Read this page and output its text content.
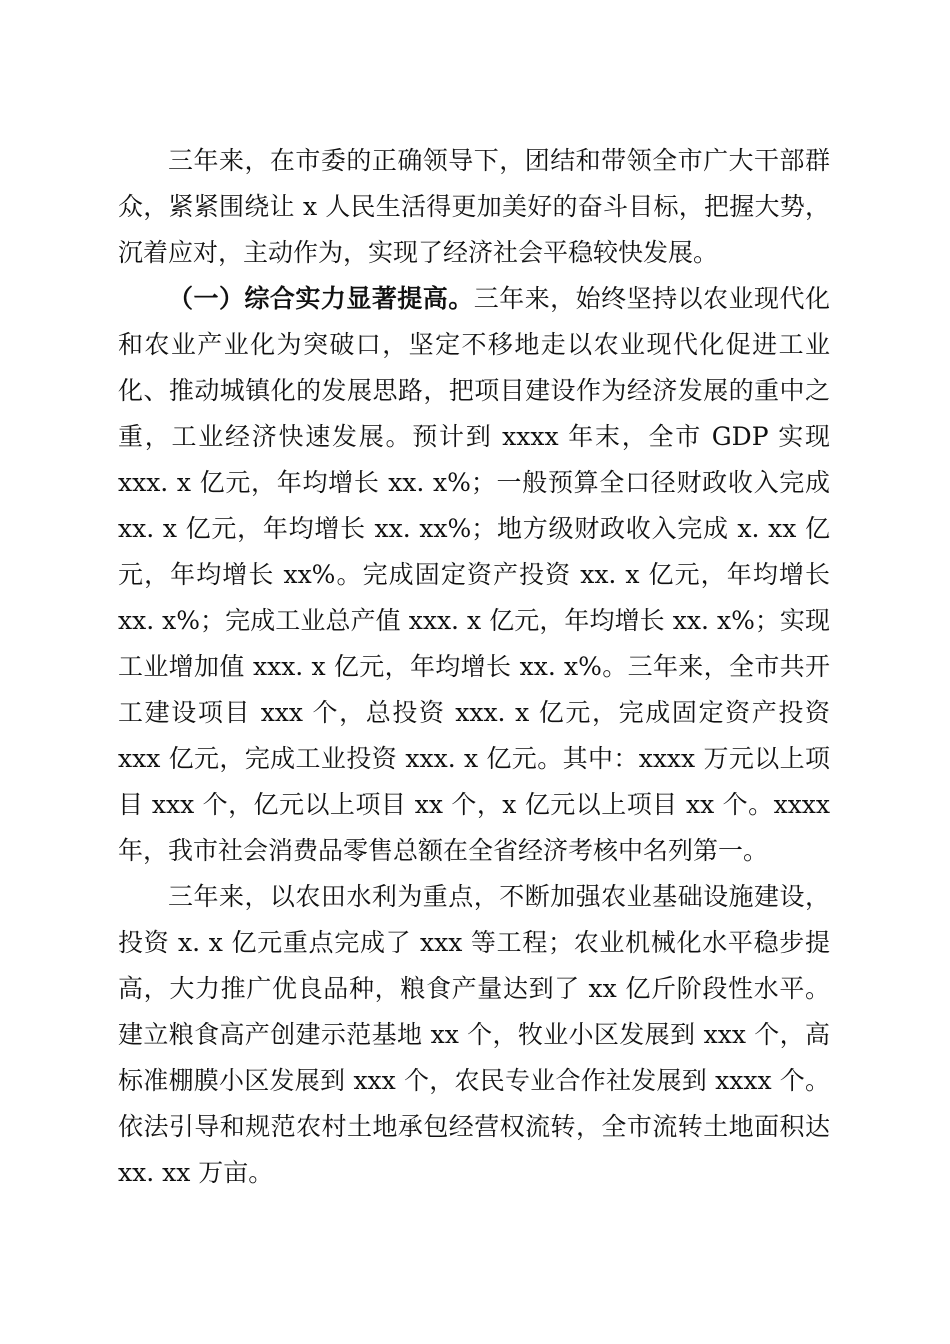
三年来，在市委的正确领导下，团结和带领全市广大干部群众，紧紧围绕让 x 人民生活得更加美好的奋斗目标，把握大势，沉着应对，主动作为，实现了经济社会平稳较快发展。

（一）综合实力显著提高。三年来，始终坚持以农业现代化和农业产业化为突破口，坚定不移地走以农业现代化促进工业化、推动城镇化的发展思路，把项目建设作为经济发展的重中之重，工业经济快速发展。预计到 xxxx 年末，全市 GDP 实现 xxx. x 亿元，年均增长 xx. x%；一般预算全口径财政收入完成 xx. x 亿元，年均增长 xx. xx%；地方级财政收入完成 x. xx 亿元，年均增长 xx%。完成固定资产投资 xx. x 亿元，年均增长 xx. x%；完成工业总产值 xxx. x 亿元，年均增长 xx. x%；实现工业增加值 xxx. x 亿元，年均增长 xx. x%。三年来，全市共开工建设项目 xxx 个，总投资 xxx. x 亿元，完成固定资产投资 xxx 亿元，完成工业投资 xxx. x 亿元。其中：xxxx 万元以上项目 xxx 个，亿元以上项目 xx 个，x 亿元以上项目 xx 个。xxxx 年，我市社会消费品零售总额在全省经济考核中名列第一。

三年来，以农田水利为重点，不断加强农业基础设施建设，投资 x. x 亿元重点完成了 xxx 等工程；农业机械化水平稳步提高，大力推广优良品种，粮食产量达到了 xx 亿斤阶段性水平。建立粮食高产创建示范基地 xx 个，牧业小区发展到 xxx 个，高标准棚膜小区发展到 xxx 个，农民专业合作社发展到 xxxx 个。依法引导和规范农村土地承包经营权流转，全市流转土地面积达 xx. xx 万亩。
